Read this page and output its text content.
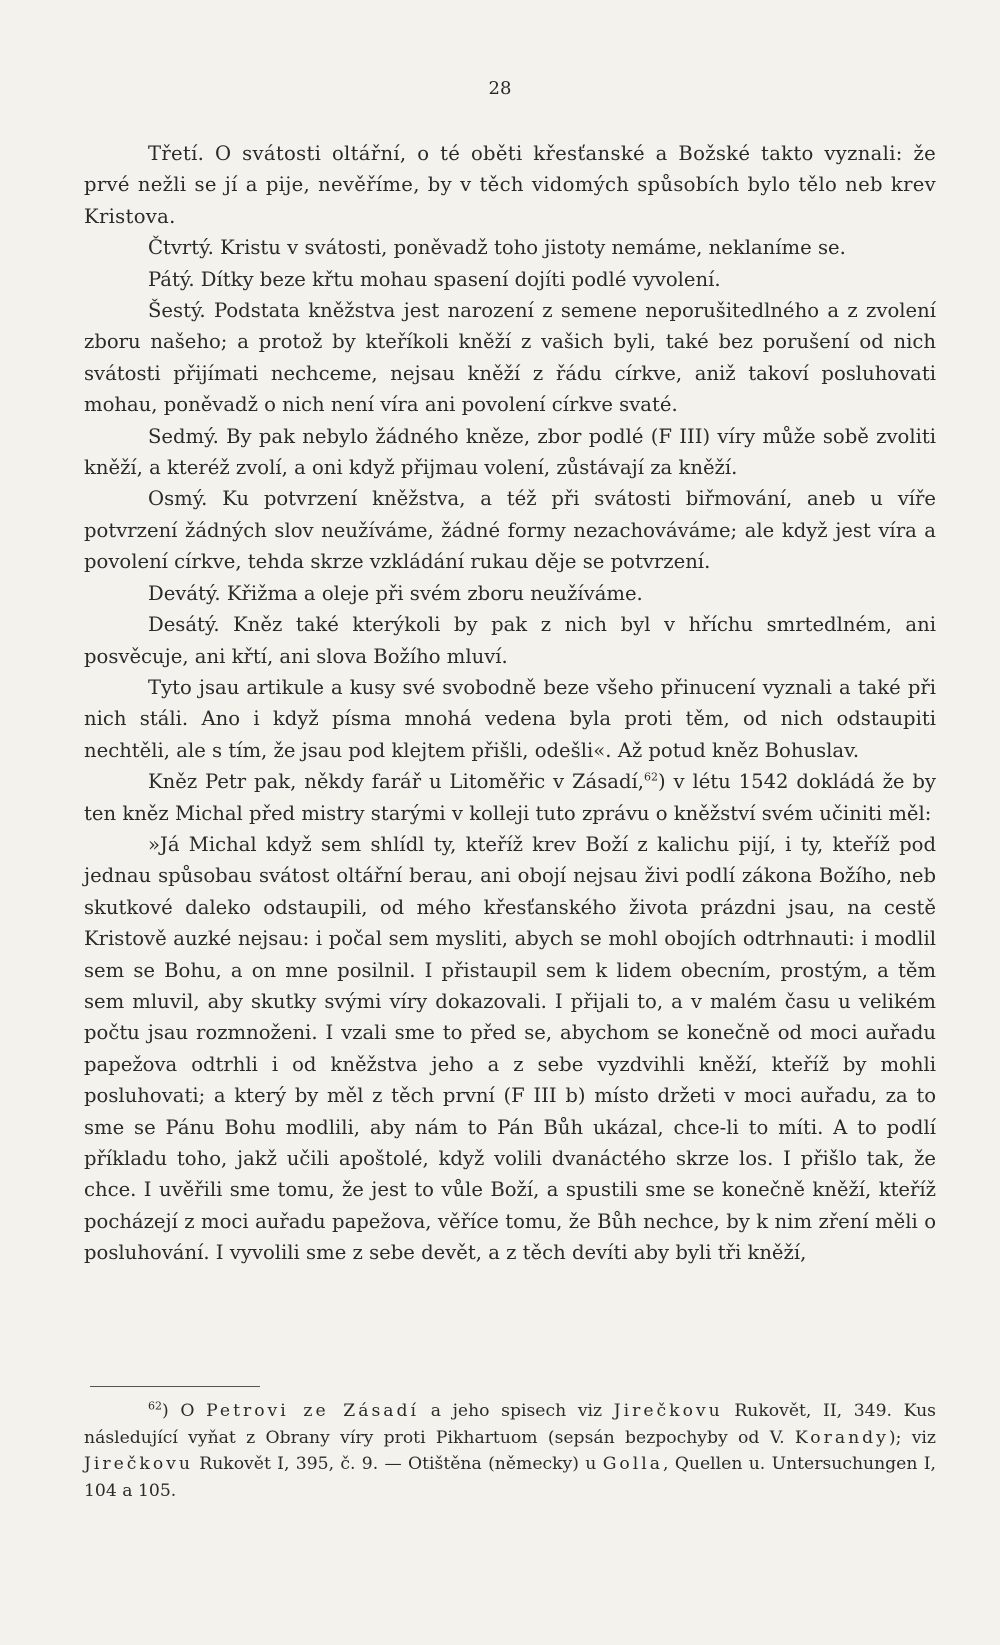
28

Třetí. O svátosti oltářní, o té oběti křesťanské a Božské takto vyznali: že prvé nežli se jí a pije, nevěříme, by v těch vidomých spůsobích bylo tělo neb krev Kristova.

Čtvrtý. Kristu v svátosti, poněvadž toho jistoty nemáme, neklaníme se.

Pátý. Dítky beze křtu mohau spasení dojíti podlé vyvolení.

Šestý. Podstata kněžstva jest narození z semene neporušitedlného a z zvolení zboru našeho; a protož by kteříkoli kněží z vašich byli, také bez porušení od nich svátosti přijímati nechceme, nejsau kněží z řádu církve, aniž takoví posluhovati mohau, poněvadž o nich není víra ani povolení církve svaté.

Sedmý. By pak nebylo žádného kněze, zbor podlé (F III) víry může sobě zvoliti kněží, a kteréž zvolí, a oni když přijmau volení, zůstávají za kněží.

Osmý. Ku potvrzení kněžstva, a též při svátosti biřmování, aneb u víře potvrzení žádných slov neužíváme, žádné formy nezachováváme; ale když jest víra a povolení církve, tehda skrze vzkládání rukau děje se potvrzení.

Devátý. Křižma a oleje při svém zboru neužíváme.

Desátý. Kněz také kterýkoli by pak z nich byl v hříchu smrtedlném, ani posvěcuje, ani křtí, ani slova Božího mluví.

Tyto jsau artikule a kusy své svobodně beze všeho přinucení vyznali a také při nich stáli. Ano i když písma mnohá vedena byla proti těm, od nich odstaupiti nechtěli, ale s tím, že jsau pod klejtem přišli, odešli«. Až potud kněz Bohuslav.

Kněz Petr pak, někdy farář u Litoměřic v Zásadí,$^{62}$) v létu 1542 dokládá že by ten kněz Michal před mistry starými v kolleji tuto zprávu o kněžství svém učiniti měl:

»Já Michal když sem shlídl ty, kteříž krev Boží z kalichu pijí, i ty, kteříž pod jednau spůsobau svátost oltářní berau, ani obojí nejsau živi podlí zákona Božího, neb skutkové daleko odstaupili, od mého křesťanského života prázdni jsau, na cestě Kristově auzké nejsau: i počal sem mysliti, abych se mohl obojích odtrhnauti: i modlil sem se Bohu, a on mne posilnil. I přistaupil sem k lidem obecním, prostým, a těm sem mluvil, aby skutky svými víry dokazovali. I přijali to, a v malém času u velikém počtu jsau rozmnoženi. I vzali sme to před se, abychom se konečně od moci auřadu papežova odtrhli i od kněžstva jeho a z sebe vyzdvihli kněží, kteříž by mohli posluhovati; a který by měl z těch první (F III b) místo držeti v moci auřadu, za to sme se Pánu Bohu modlili, aby nám to Pán Bůh ukázal, chce-li to míti. A to podlí příkladu toho, jakž učili apoštolé, když volili dvanáctého skrze los. I přišlo tak, že chce. I uvěřili sme tomu, že jest to vůle Boží, a spustili sme se konečně kněží, kteříž pocházejí z moci auřadu papežova, věříce tomu, že Bůh nechce, by k nim zření měli o posluhování. I vyvolili sme z sebe devět, a z těch devíti aby byli tři kněží,

$^{62}$) O Petrovi ze Zásadí a jeho spisech viz Jirečkovu Rukovět, II, 349. Kus následující vyňat z Obrany víry proti Pikhartuom (sepsán bezpochyby od V. Korandy); viz Jirečkovu Rukovět I, 395, č. 9. — Otištěna (německy) u Golla, Quellen u. Untersuchungen I, 104 a 105.
